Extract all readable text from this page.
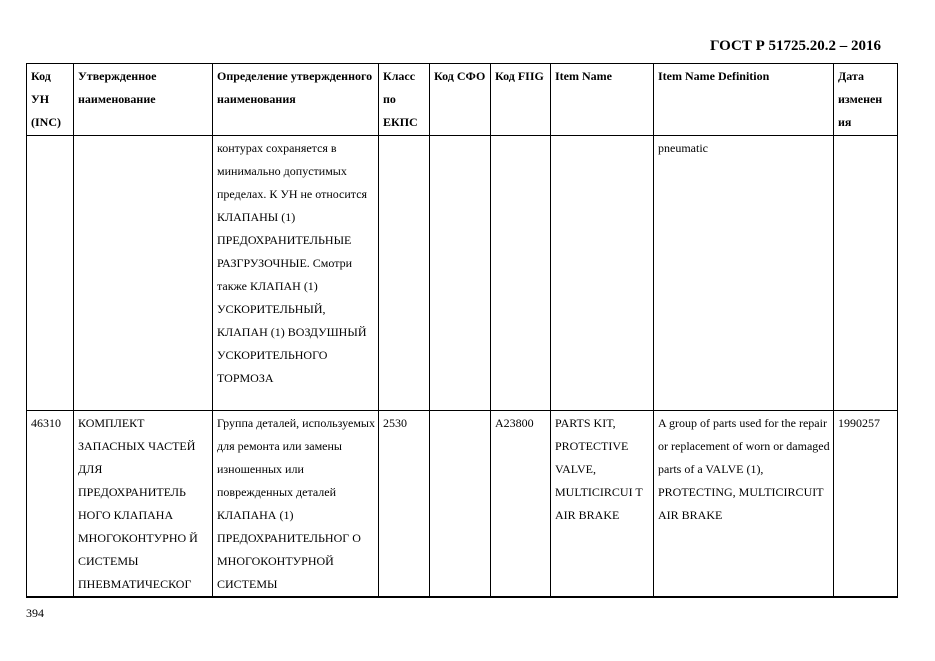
ГОСТ Р 51725.20.2 – 2016
Код УН (INC)	Утвержденное наименование	Определение утвержденного наименования	Класс по ЕКПС	Код СФО	Код FIIG	Item Name	Item Name Definition	Дата изменен ия
		контурах сохраняется в минимально допустимых пределах. К УН не относится КЛАПАНЫ (1) ПРЕДОХРАНИТЕЛЬНЫЕ РАЗГРУЗОЧНЫЕ. Смотри также КЛАПАН (1) УСКОРИТЕЛЬНЫЙ, КЛАПАН (1) ВОЗДУШНЫЙ УСКОРИТЕЛЬНОГО ТОРМОЗА					pneumatic	
46310	КОМПЛЕКТ ЗАПАСНЫХ ЧАСТЕЙ ДЛЯ ПРЕДОХРАНИТЕЛЬ НОГО КЛАПАНА МНОГОКОНТУРНО Й СИСТЕМЫ ПНЕВМАТИЧЕСКОГ	Группа деталей, используемых для ремонта или замены изношенных или поврежденных деталей КЛАПАНА (1) ПРЕДОХРАНИТЕЛЬНОГ О МНОГОКОНТУРНОЙ СИСТЕМЫ	2530		A23800	PARTS KIT, PROTECTIVE VALVE, MULTICIRCUI T AIR BRAKE	A group of parts used for the repair or replacement of worn or damaged parts of a VALVE (1), PROTECTING, MULTICIRCUIT AIR BRAKE	1990257
394
